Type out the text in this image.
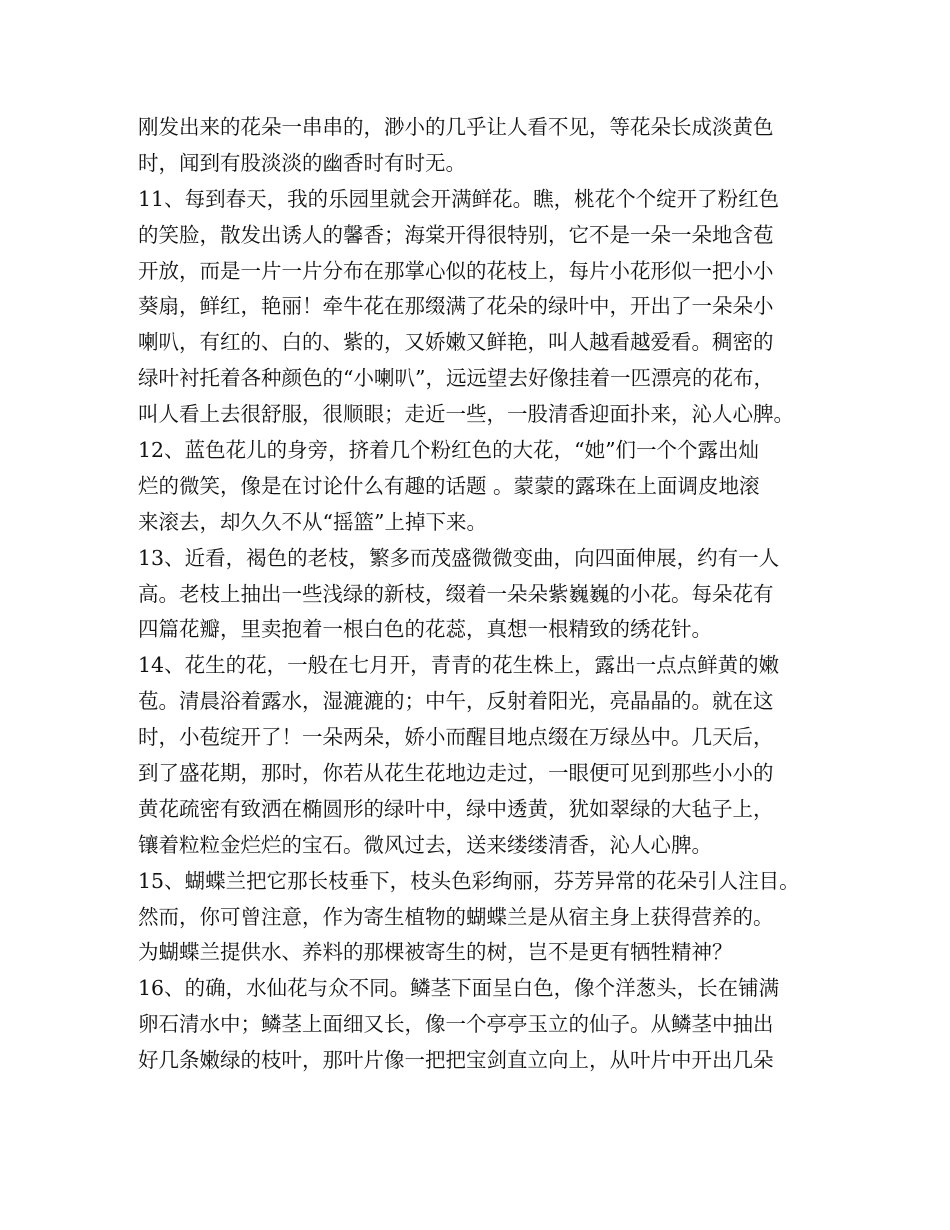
刚发出来的花朵一串串的，渺小的几乎让人看不见，等花朵长成淡黄色
时，闻到有股淡淡的幽香时有时无。
11、每到春天，我的乐园里就会开满鲜花。瞧，桃花个个绽开了粉红色
的笑脸，散发出诱人的馨香；海棠开得很特别，它不是一朵一朵地含苞
开放，而是一片一片分布在那掌心似的花枝上，每片小花形似一把小小
葵扇，鲜红，艳丽！牵牛花在那缀满了花朵的绿叶中，开出了一朵朵小
喇叭，有红的、白的、紫的，又娇嫩又鲜艳，叫人越看越爱看。稠密的
绿叶衬托着各种颜色的“小喇叭”，远远望去好像挂着一匹漂亮的花布，
叫人看上去很舒服，很顺眼；走近一些，一股清香迎面扑来，沁人心脾。
12、蓝色花儿的身旁，挤着几个粉红色的大花，“她”们一个个露出灿
烂的微笑，像是在讨论什么有趣的话题 。蒙蒙的露珠在上面调皮地滚
来滚去，却久久不从“摇篮”上掉下来。
13、近看，褐色的老枝，繁多而茂盛微微变曲，向四面伸展，约有一人
高。老枝上抽出一些浅绿的新枝，缀着一朵朵紫巍巍的小花。每朵花有
四篇花瓣，里卖抱着一根白色的花蕊，真想一根精致的绣花针。
14、花生的花，一般在七月开，青青的花生株上，露出一点点鲜黄的嫩
苞。清晨浴着露水，湿漉漉的；中午，反射着阳光，亮晶晶的。就在这
时，小苞绽开了！一朵两朵，娇小而醒目地点缀在万绿丛中。几天后，
到了盛花期，那时，你若从花生花地边走过，一眼便可见到那些小小的
黄花疏密有致洒在椭圆形的绿叶中，绿中透黄，犹如翠绿的大毡子上，
镶着粒粒金烂烂的宝石。微风过去，送来缕缕清香，沁人心脾。
15、蝴蝶兰把它那长枝垂下，枝头色彩绚丽，芬芳异常的花朵引人注目。
然而，你可曾注意，作为寄生植物的蝴蝶兰是从宿主身上获得营养的。
为蝴蝶兰提供水、养料的那棵被寄生的树，岂不是更有牺牲精神？
16、的确，水仙花与众不同。鳞茎下面呈白色，像个洋葱头，长在铺满
卵石清水中；鳞茎上面细又长，像一个亭亭玉立的仙子。从鳞茎中抽出
好几条嫩绿的枝叶，那叶片像一把把宝剑直立向上，从叶片中开出几朵
